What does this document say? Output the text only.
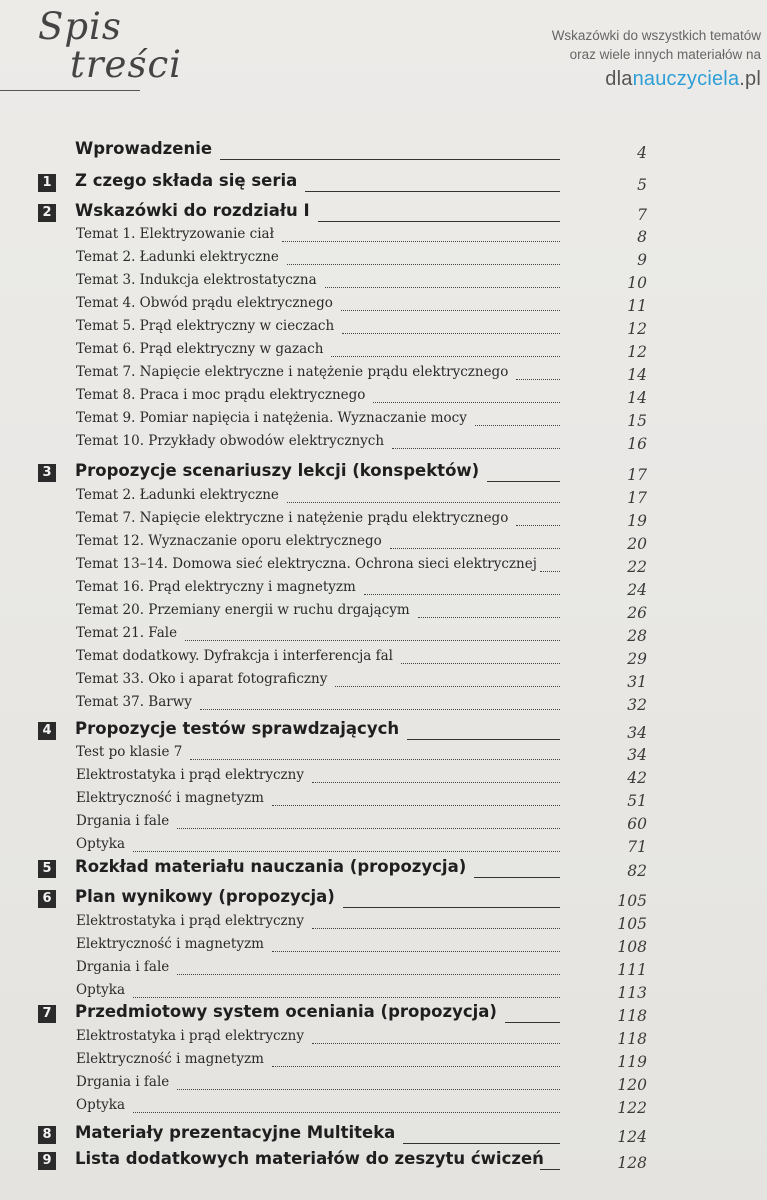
Spis
treści
Wskazówki do wszystkich tematów
oraz wiele innych materiałów na
dlanauczyciela.pl
Wprowadzenie	4
1 Z czego składa się seria	5
2 Wskazówki do rozdziału I	7
Temat 1. Elektryzowanie ciał	8
Temat 2. Ładunki elektryczne	9
Temat 3. Indukcja elektrostatyczna	10
Temat 4. Obwód prądu elektrycznego	11
Temat 5. Prąd elektryczny w cieczach	12
Temat 6. Prąd elektryczny w gazach	12
Temat 7. Napięcie elektryczne i natężenie prądu elektrycznego	14
Temat 8. Praca i moc prądu elektrycznego	14
Temat 9. Pomiar napięcia i natężenia. Wyznaczanie mocy	15
Temat 10. Przykłady obwodów elektrycznych	16
3 Propozycje scenariuszy lekcji (konspektów)	17
Temat 2. Ładunki elektryczne	17
Temat 7. Napięcie elektryczne i natężenie prądu elektrycznego	19
Temat 12. Wyznaczanie oporu elektrycznego	20
Temat 13–14. Domowa sieć elektryczna. Ochrona sieci elektrycznej	22
Temat 16. Prąd elektryczny i magnetyzm	24
Temat 20. Przemiany energii w ruchu drgającym	26
Temat 21. Fale	28
Temat dodatkowy. Dyfrakcja i interferencja fal	29
Temat 33. Oko i aparat fotograficzny	31
Temat 37. Barwy	32
4 Propozycje testów sprawdzających	34
Test po klasie 7	34
Elektrostatyka i prąd elektryczny	42
Elektryczność i magnetyzm	51
Drgania i fale	60
Optyka	71
5 Rozkład materiału nauczania (propozycja)	82
6 Plan wynikowy (propozycja)	105
Elektrostatyka i prąd elektryczny	105
Elektryczność i magnetyzm	108
Drgania i fale	111
Optyka	113
7 Przedmiotowy system oceniania (propozycja)	118
Elektrostatyka i prąd elektryczny	118
Elektryczność i magnetyzm	119
Drgania i fale	120
Optyka	122
8 Materiały prezentacyjne Multiteka	124
9 Lista dodatkowych materiałów do zeszytu ćwiczeń	128
